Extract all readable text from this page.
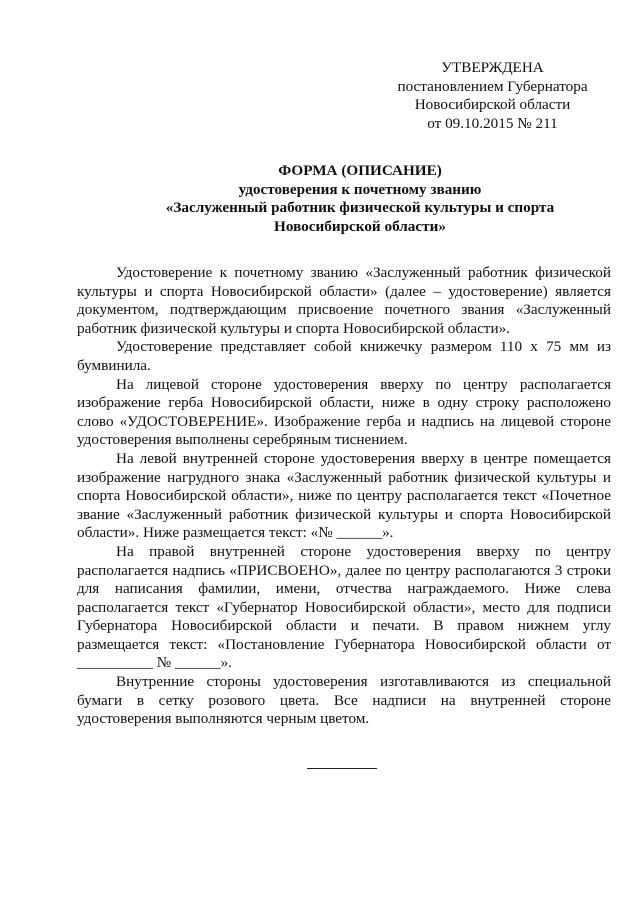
УТВЕРЖДЕНА
постановлением Губернатора
Новосибирской области
от 09.10.2015 № 211
ФОРМА (ОПИСАНИЕ)
удостоверения к почетному званию
«Заслуженный работник физической культуры и спорта
Новосибирской области»

Удостоверение к почетному званию «Заслуженный работник физической культуры и спорта Новосибирской области» (далее – удостоверение) является документом, подтверждающим присвоение почетного звания «Заслуженный работник физической культуры и спорта Новосибирской области».

Удостоверение представляет собой книжечку размером 110 х 75 мм из бумвинила.

На лицевой стороне удостоверения вверху по центру располагается изображение герба Новосибирской области, ниже в одну строку расположено слово «УДОСТОВЕРЕНИЕ». Изображение герба и надпись на лицевой стороне удостоверения выполнены серебряным тиснением.

На левой внутренней стороне удостоверения вверху в центре помещается изображение нагрудного знака «Заслуженный работник физической культуры и спорта Новосибирской области», ниже по центру располагается текст «Почетное звание «Заслуженный работник физической культуры и спорта Новосибирской области». Ниже размещается текст: «№ ______».

На правой внутренней стороне удостоверения вверху по центру располагается надпись «ПРИСВОЕНО», далее по центру располагаются 3 строки для написания фамилии, имени, отчества награждаемого. Ниже слева располагается текст «Губернатор Новосибирской области», место для подписи Губернатора Новосибирской области и печати. В правом нижнем углу размещается текст: «Постановление Губернатора Новосибирской области от __________ № ______».

Внутренние стороны удостоверения изготавливаются из специальной бумаги в сетку розового цвета. Все надписи на внутренней стороне удостоверения выполняются черным цветом.
